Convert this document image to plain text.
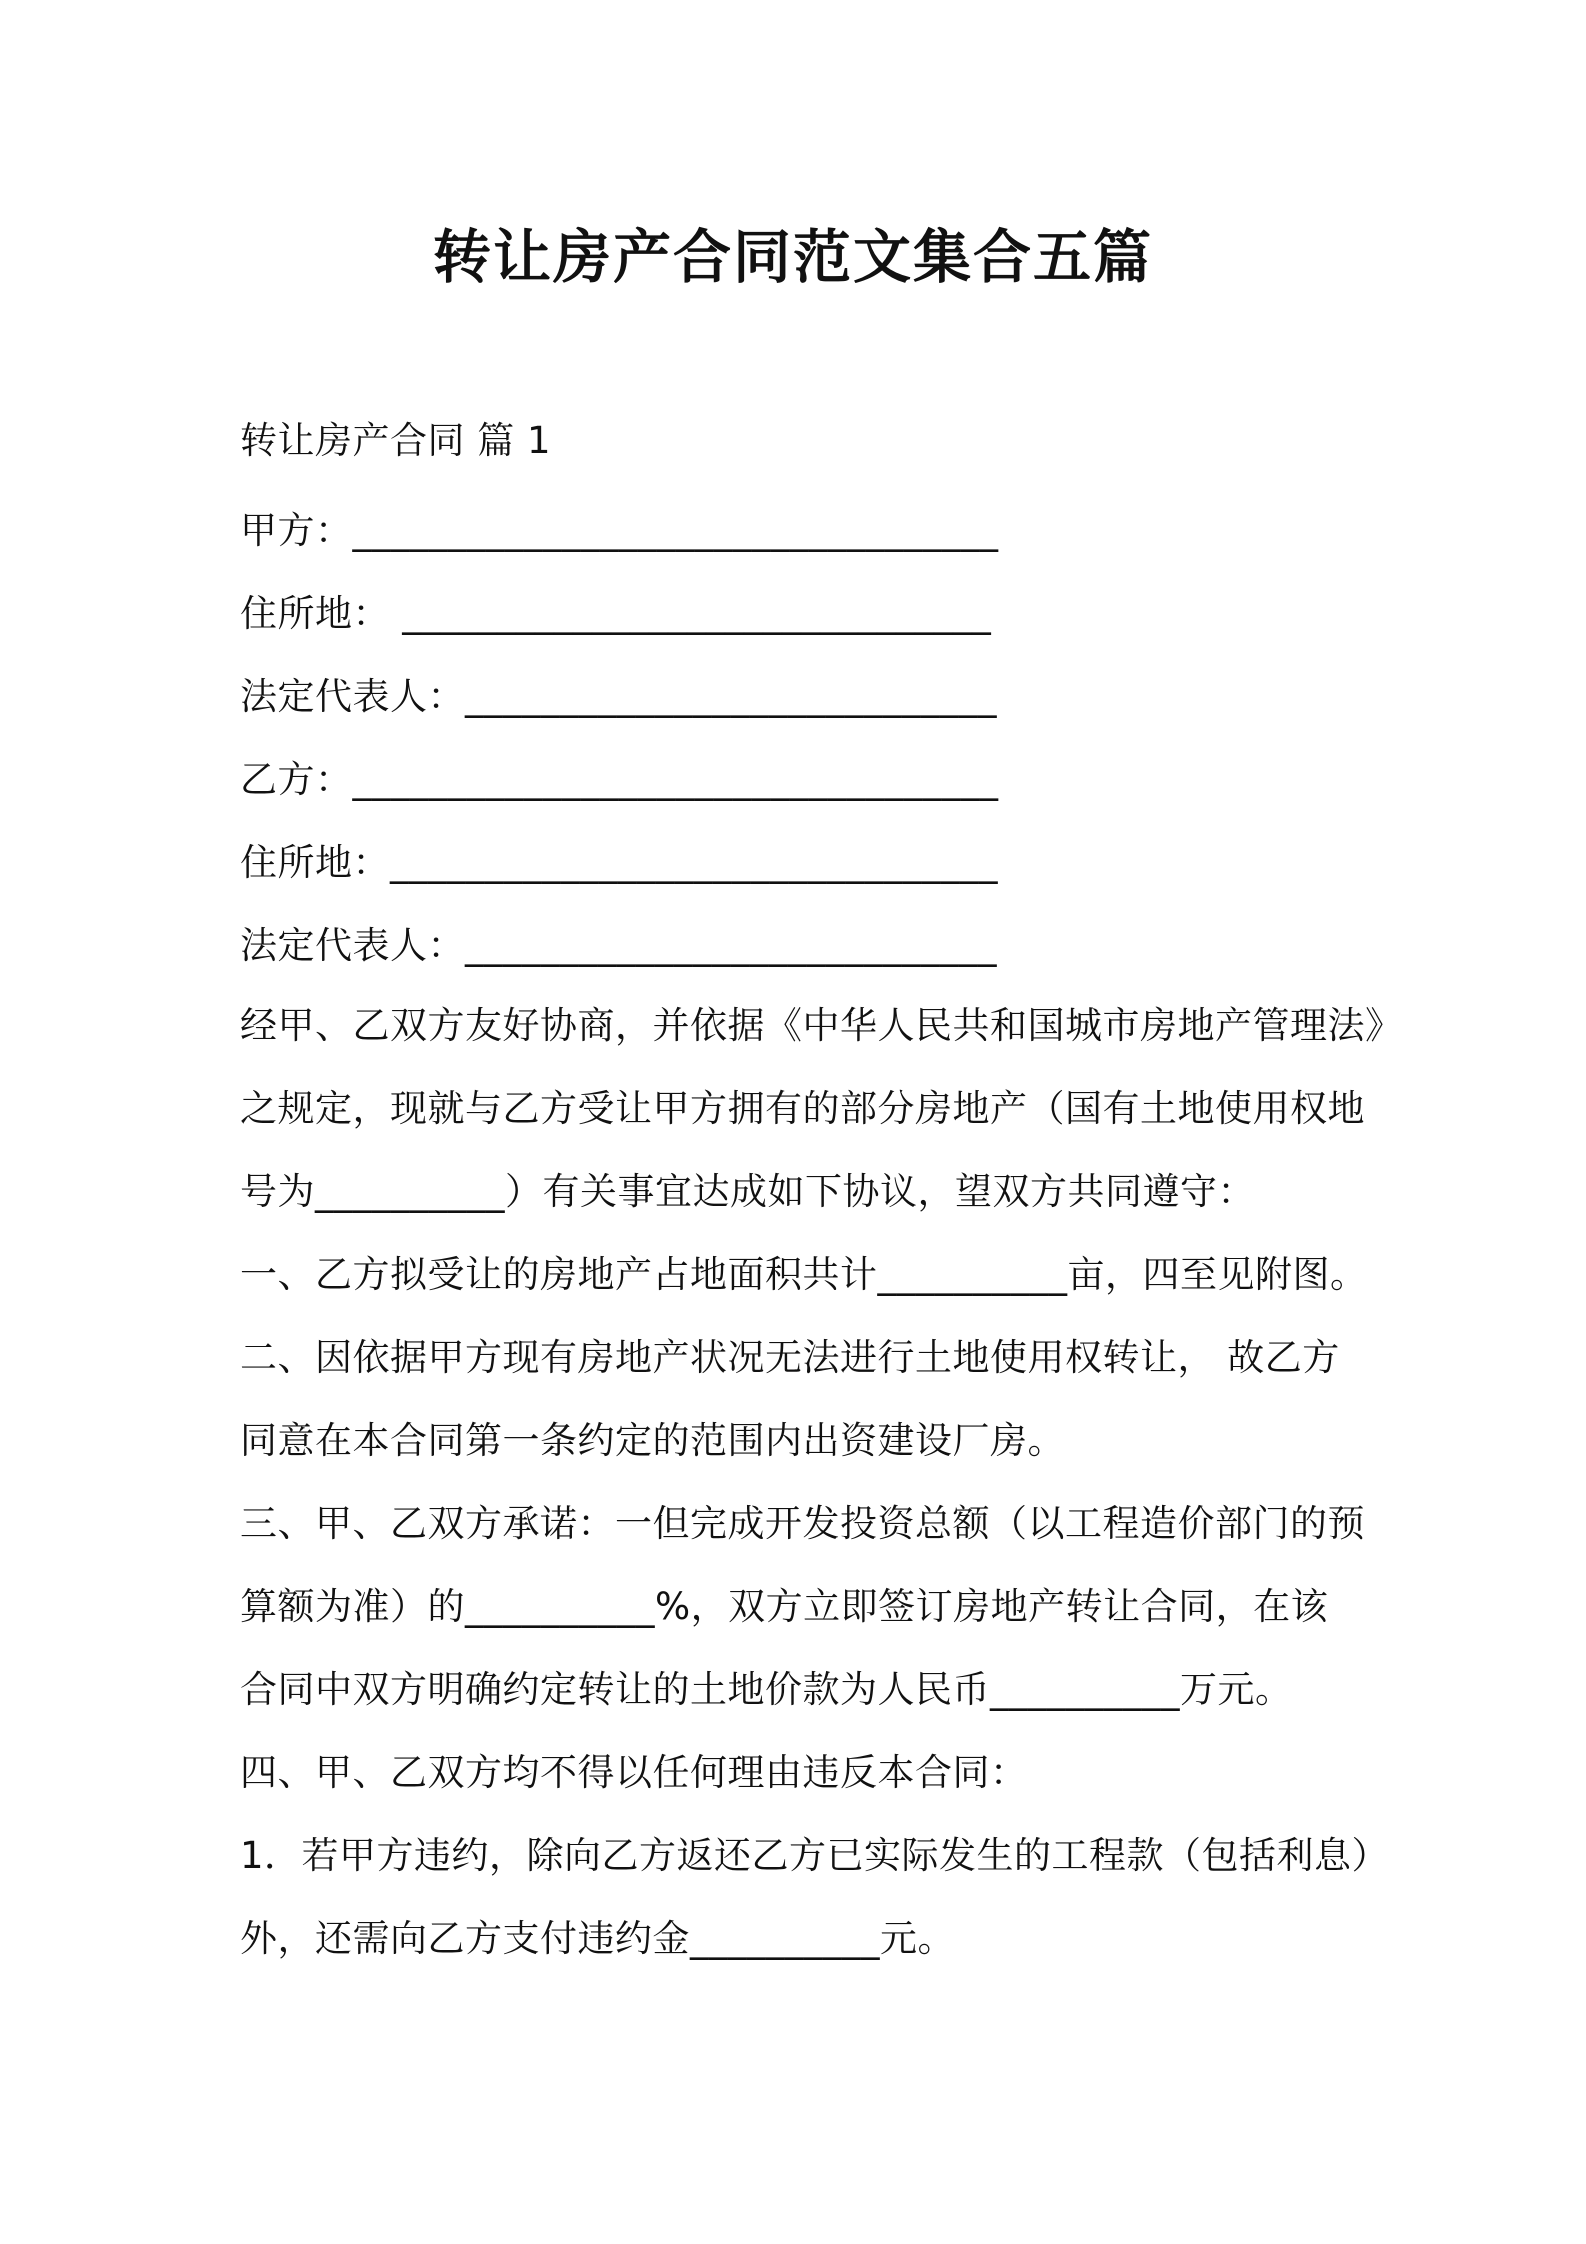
转让房产合同范文集合五篇
转让房产合同 篇 1
甲方：__________________________________
住所地： _______________________________
法定代表人：____________________________
乙方：__________________________________
住所地：________________________________
法定代表人：____________________________
经甲、乙双方友好协商，并依据《中华人民共和国城市房地产管理法》
之规定，现就与乙方受让甲方拥有的部分房地产（国有土地使用权地
号为__________）有关事宜达成如下协议，望双方共同遵守：
一、乙方拟受让的房地产占地面积共计__________亩，四至见附图。
二、因依据甲方现有房地产状况无法进行土地使用权转让， 故乙方
同意在本合同第一条约定的范围内出资建设厂房。
三、甲、乙双方承诺：一但完成开发投资总额（以工程造价部门的预
算额为准）的__________%，双方立即签订房地产转让合同，在该
合同中双方明确约定转让的土地价款为人民币__________万元。
四、甲、乙双方均不得以任何理由违反本合同：
1．若甲方违约，除向乙方返还乙方已实际发生的工程款（包括利息）
外，还需向乙方支付违约金__________元。
